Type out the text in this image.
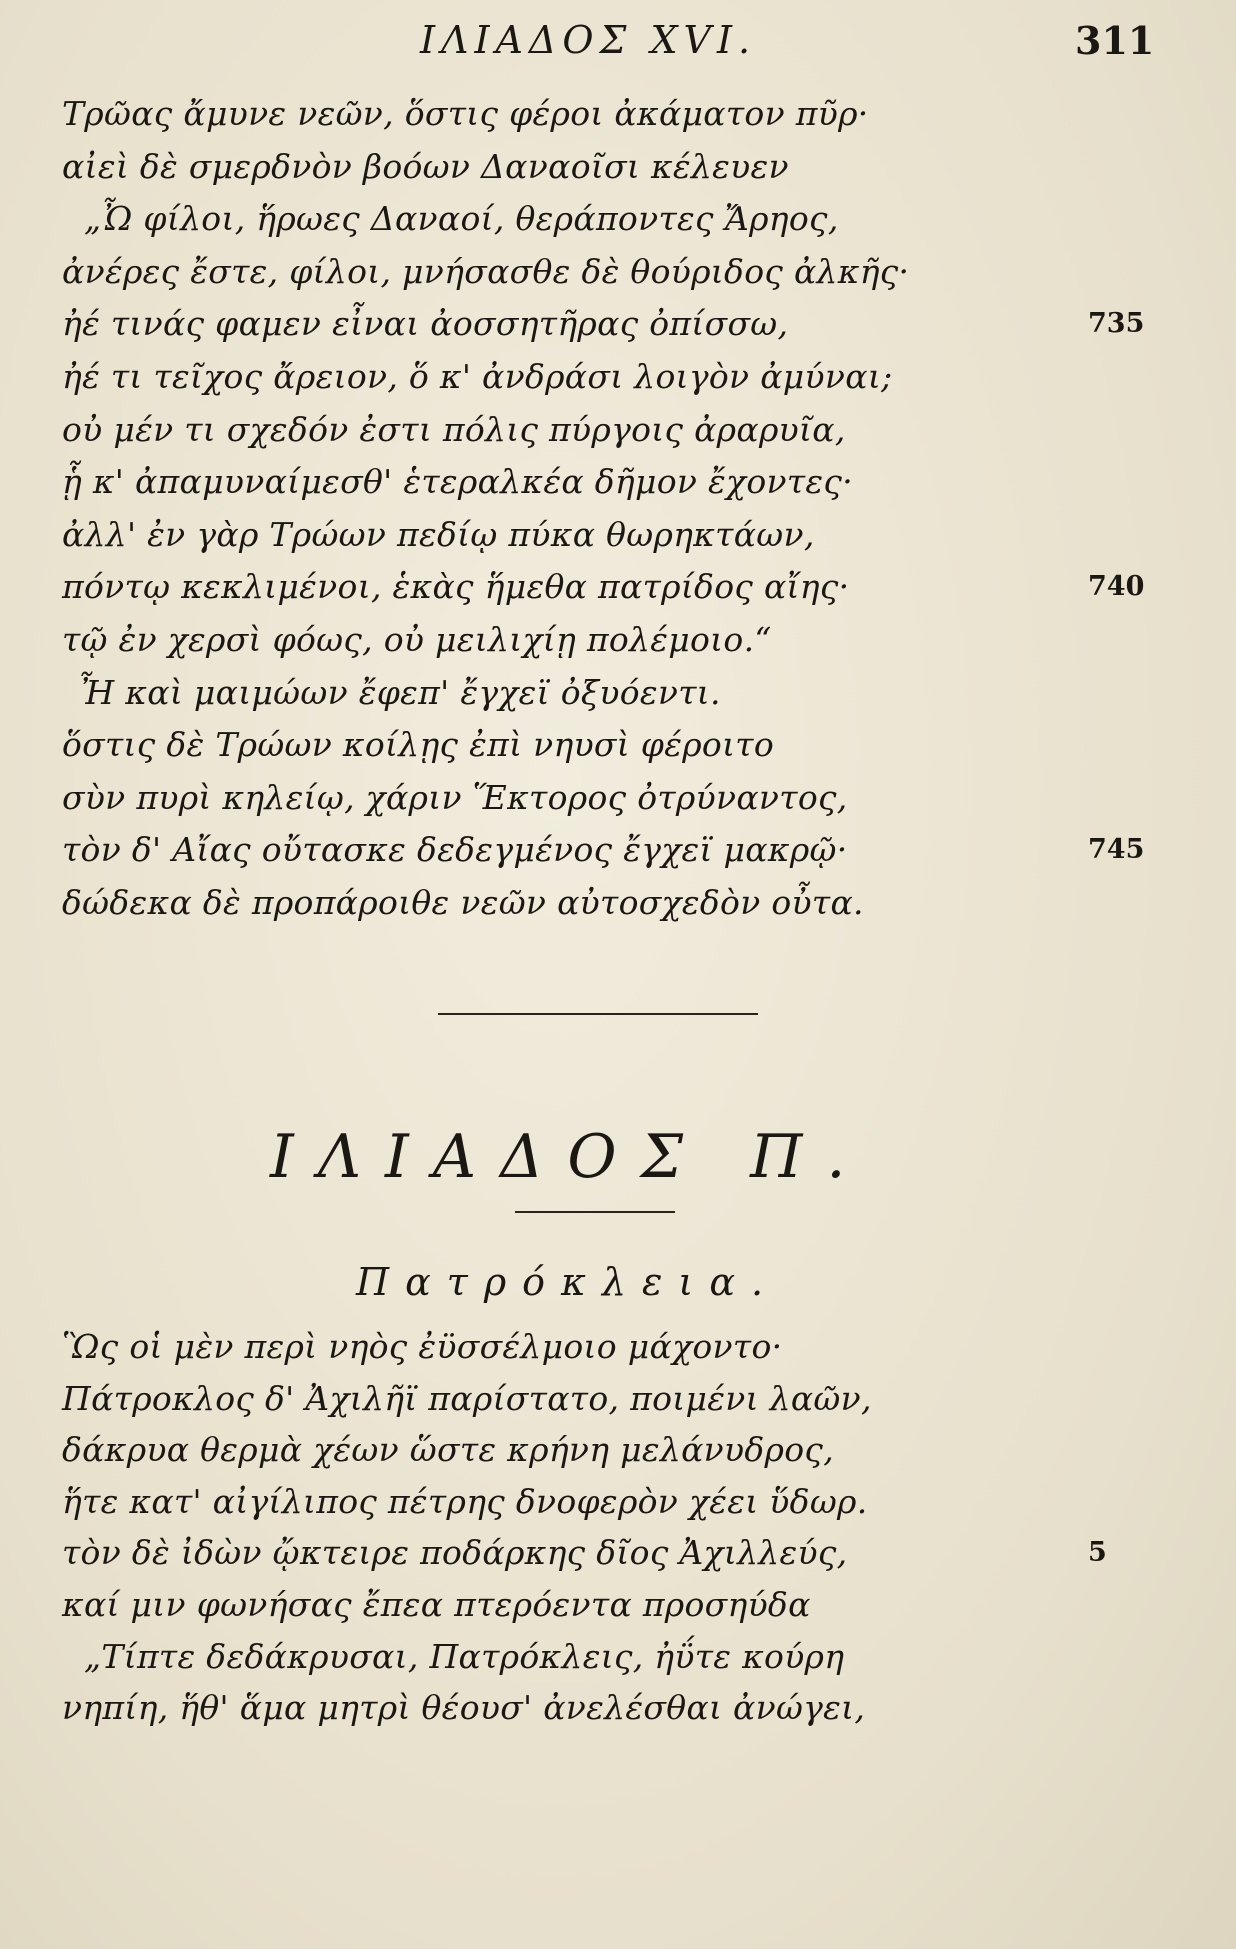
ΙΛΙΑΔΟΣ XVI.	311
Τρῶας ἄμυνε νεῶν, ὅστις φέροι ἀκάματον πῦρ·
αἰεὶ δὲ σμερδνὸν βοόων Δαναοῖσι κέλευεν
„Ὦ φίλοι, ἥρωες Δαναοί, θεράποντες Ἄρηος,
ἀνέρες ἔστε, φίλοι, μνήσασθε δὲ θούριδος ἀλκῆς·
ἠέ τινάς φαμεν εἶναι ἀοσσητῆρας ὀπίσσω,	735
ἠέ τι τεῖχος ἄρειον, ὅ κ' ἀνδράσι λοιγὸν ἀμύναι;
οὐ μέν τι σχεδόν ἐστι πόλις πύργοις ἀραρυῖα,
ᾗ κ' ἀπαμυναίμεσθ' ἑτεραλκέα δῆμον ἔχοντες·
ἀλλ' ἐν γὰρ Τρώων πεδίῳ πύκα θωρηκτάων,
πόντῳ κεκλιμένοι, ἑκὰς ἥμεθα πατρίδος αἴης·	740
τῷ ἐν χερσὶ φόως, οὐ μειλιχίῃ πολέμοιο.“
Ἦ καὶ μαιμώων ἔφεπ' ἔγχεϊ ὀξυόεντι.
ὅστις δὲ Τρώων κοίλῃς ἐπὶ νηυσὶ φέροιτο
σὺν πυρὶ κηλείῳ, χάριν Ἕκτορος ὀτρύναντος,
τὸν δ' Αἴας οὔτασκε δεδεγμένος ἔγχεϊ μακρῷ·	745
δώδεκα δὲ προπάροιθε νεῶν αὐτοσχεδὸν οὖτα.
ΙΛΙΑΔΟΣ Π.
Πατρόκλεια.
Ὣς οἱ μὲν περὶ νηὸς ἐϋσσέλμοιο μάχοντο·
Πάτροκλος δ' Ἀχιλῆϊ παρίστατο, ποιμένι λαῶν,
δάκρυα θερμὰ χέων ὥστε κρήνη μελάνυδρος,
ἥτε κατ' αἰγίλιπος πέτρης δνοφερὸν χέει ὕδωρ.
τὸν δὲ ἰδὼν ᾤκτειρε ποδάρκης δῖος Ἀχιλλεύς,	5
καί μιν φωνήσας ἔπεα πτερόεντα προσηύδα
„Τίπτε δεδάκρυσαι, Πατρόκλεις, ἠΰτε κούρη
νηπίη, ἥθ' ἅμα μητρὶ θέουσ' ἀνελέσθαι ἀνώγει,
